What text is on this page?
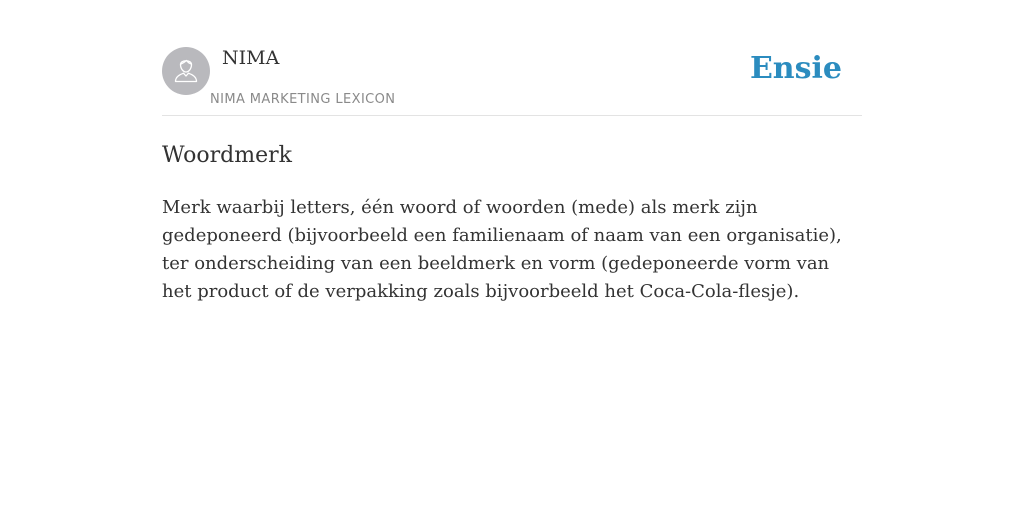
NIMA
NIMA MARKETING LEXICON
Ensie
Woordmerk

Merk waarbij letters, één woord of woorden (mede) als merk zijn gedeponeerd (bijvoorbeeld een familienaam of naam van een organisatie), ter onderscheiding van een beeldmerk en vorm (gedeponeerde vorm van het product of de verpakking zoals bijvoorbeeld het Coca-Cola-flesje).
